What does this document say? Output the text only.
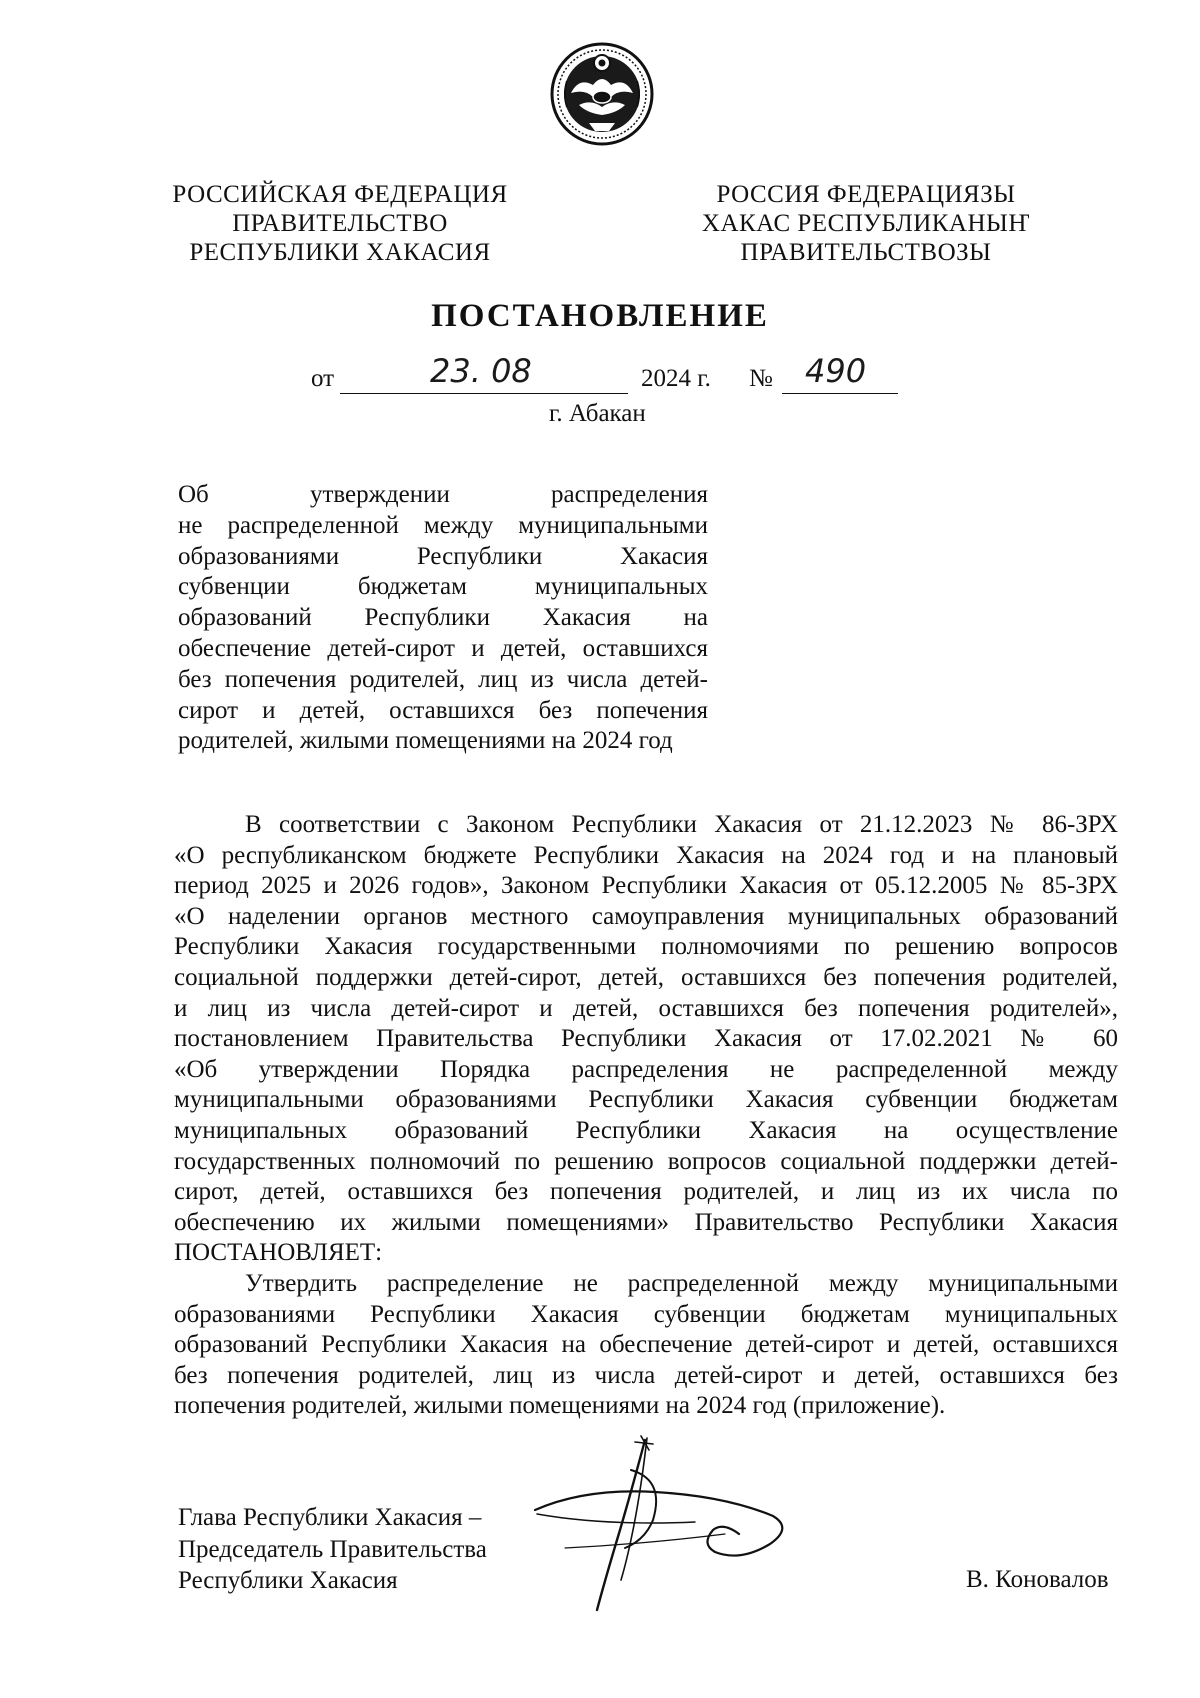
РОССИЙСКАЯ ФЕДЕРАЦИЯ
ПРАВИТЕЛЬСТВО
РЕСПУБЛИКИ ХАКАСИЯ
РОССИЯ ФЕДЕРАЦИЯЗЫ
ХАКАС РЕСПУБЛИКАНЫҤ
ПРАВИТЕЛЬСТВОЗЫ
ПОСТАНОВЛЕНИЕ
от	23. 08	2024 г. № 490
г. Абакан
Об утверждении распределения
не распределенной между муниципальными
образованиями Республики Хакасия
субвенции бюджетам муниципальных
образований Республики Хакасия на
обеспечение детей-сирот и детей, оставшихся
без попечения родителей, лиц из числа детей-
сирот и детей, оставшихся без попечения
родителей, жилыми помещениями на 2024 год
В соответствии с Законом Республики Хакасия от 21.12.2023 № 86-ЗРХ
«О республиканском бюджете Республики Хакасия на 2024 год и на плановый
период 2025 и 2026 годов», Законом Республики Хакасия от 05.12.2005 № 85-ЗРХ
«О наделении органов местного самоуправления муниципальных образований
Республики Хакасия государственными полномочиями по решению вопросов
социальной поддержки детей-сирот, детей, оставшихся без попечения родителей,
и лиц из числа детей-сирот и детей, оставшихся без попечения родителей»,
постановлением Правительства Республики Хакасия от 17.02.2021 № 60
«Об утверждении Порядка распределения не распределенной между
муниципальными образованиями Республики Хакасия субвенции бюджетам
муниципальных образований Республики Хакасия на осуществление
государственных полномочий по решению вопросов социальной поддержки детей-
сирот, детей, оставшихся без попечения родителей, и лиц из их числа по
обеспечению их жилыми помещениями» Правительство Республики Хакасия
ПОСТАНОВЛЯЕТ:
Утвердить распределение не распределенной между муниципальными
образованиями Республики Хакасия субвенции бюджетам муниципальных
образований Республики Хакасия на обеспечение детей-сирот и детей, оставшихся
без попечения родителей, лиц из числа детей-сирот и детей, оставшихся без
попечения родителей, жилыми помещениями на 2024 год (приложение).
Глава Республики Хакасия –
Председатель Правительства
Республики Хакасия	В. Коновалов
